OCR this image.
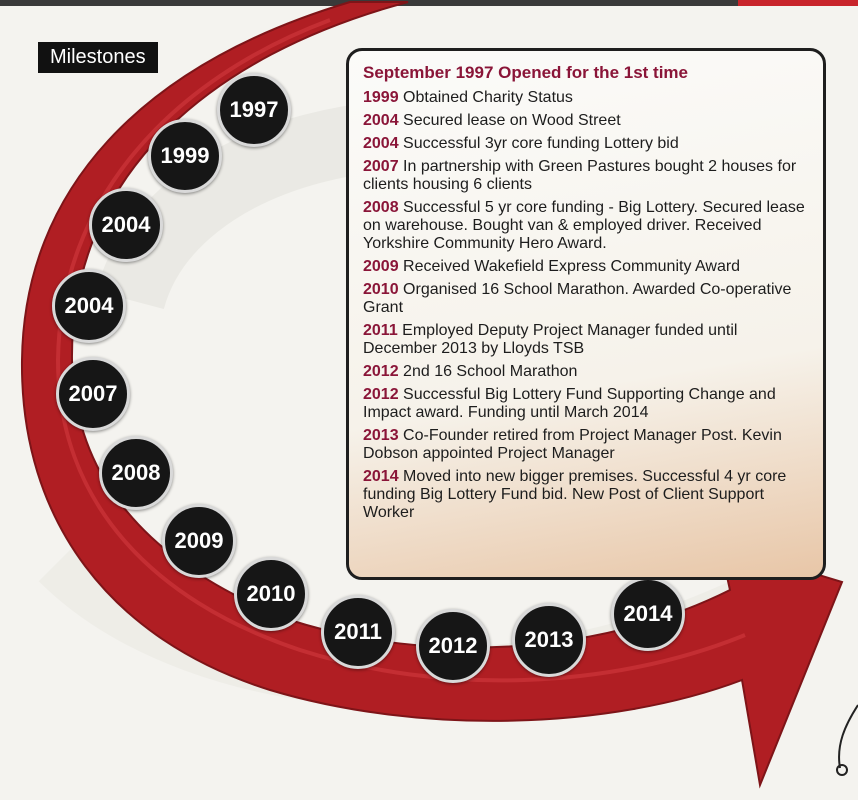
Milestones
1997
1999
2004
2004
2007
2008
2009
2010
2011
2012	2013
2014
September 1997 Opened for the 1st time
1999 Obtained Charity Status
2004 Secured lease on Wood Street
2004 Successful 3yr core funding Lottery bid
2007 In partnership with Green Pastures bought 2 houses for clients housing 6 clients
2008 Successful 5 yr core funding - Big Lottery. Secured lease on warehouse. Bought van & employed driver. Received Yorkshire Community Hero Award.
2009 Received Wakefield Express Community Award
2010 Organised 16 School Marathon. Awarded Co-operative Grant
2011 Employed Deputy Project Manager funded until December 2013 by Lloyds TSB
2012 2nd 16 School Marathon
2012 Successful Big Lottery Fund Supporting Change and Impact award. Funding until March 2014
2013 Co-Founder retired from Project Manager Post. Kevin Dobson appointed Project Manager
2014 Moved into new bigger premises. Successful 4 yr core funding Big Lottery Fund bid. New Post of Client Support Worker
